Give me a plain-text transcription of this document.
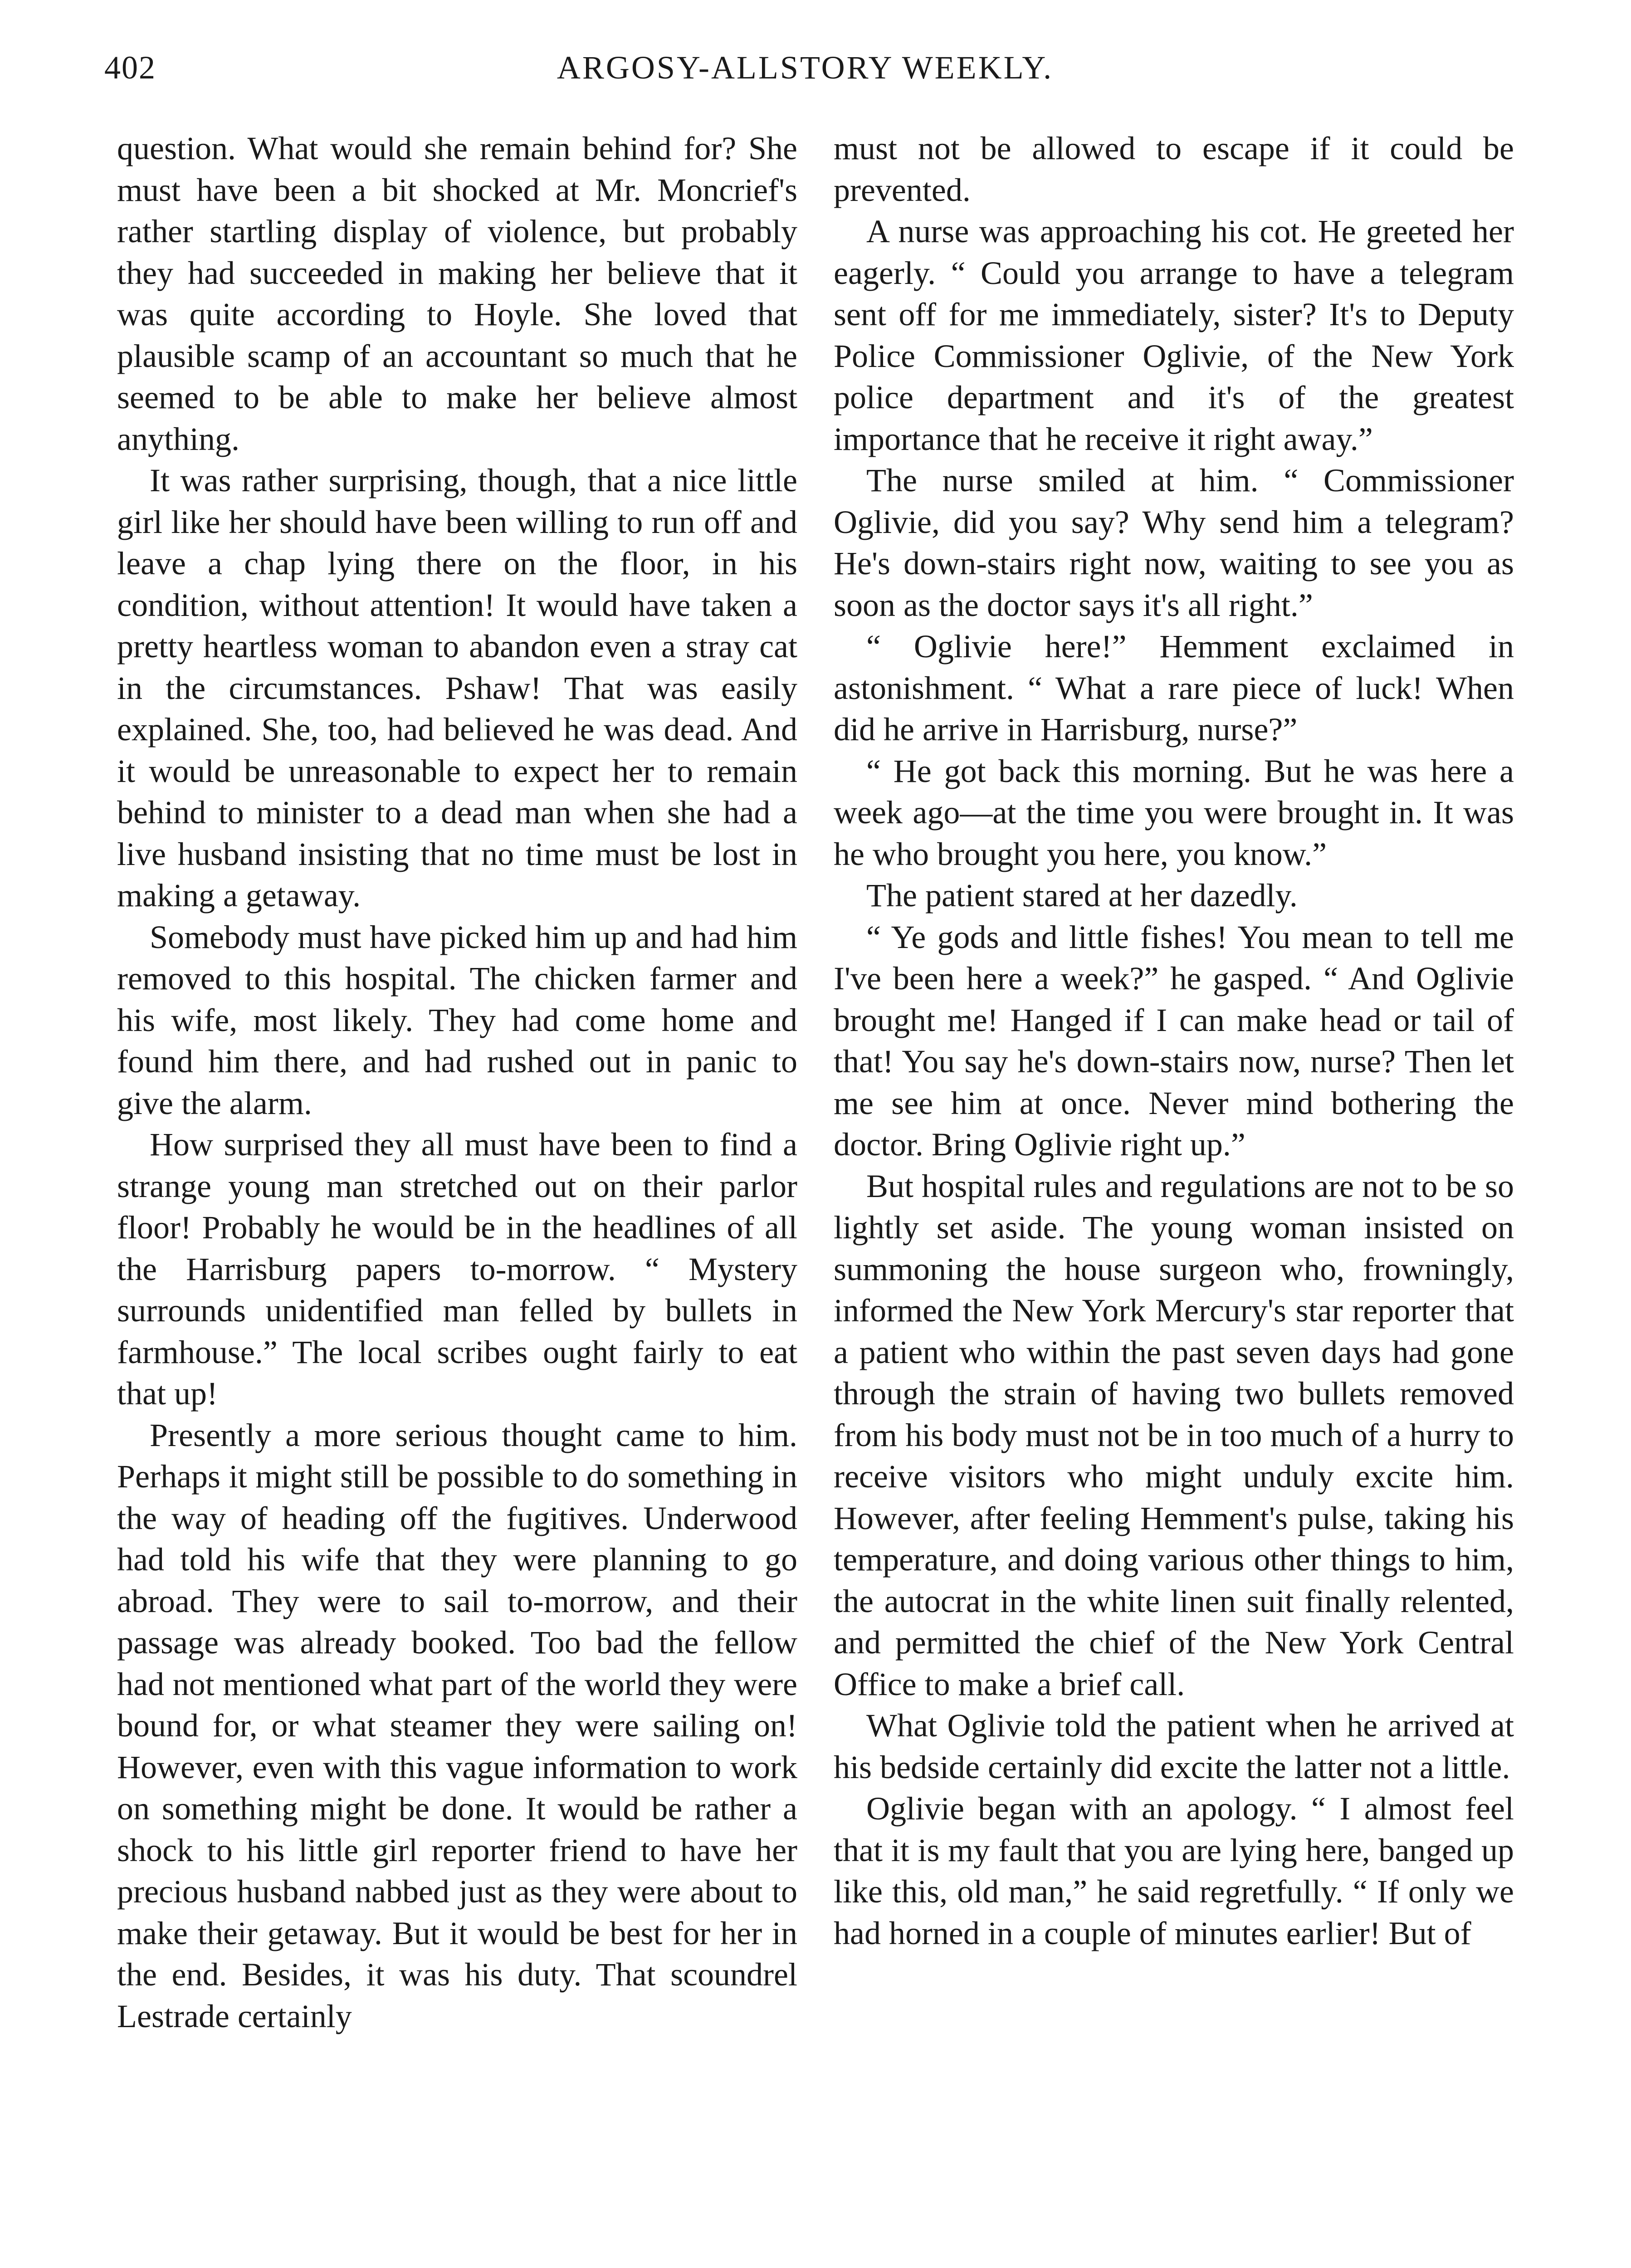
402	ARGOSY-ALLSTORY WEEKLY.

question. What would she remain behind for? She must have been a bit shocked at Mr. Moncrief's rather startling display of violence, but probably they had succeeded in making her believe that it was quite according to Hoyle. She loved that plausible scamp of an accountant so much that he seemed to be able to make her believe almost anything.

It was rather surprising, though, that a nice little girl like her should have been willing to run off and leave a chap lying there on the floor, in his condition, without attention! It would have taken a pretty heartless woman to abandon even a stray cat in the circumstances. Pshaw! That was easily explained. She, too, had believed he was dead. And it would be unreasonable to expect her to remain behind to minister to a dead man when she had a live husband insisting that no time must be lost in making a getaway.

Somebody must have picked him up and had him removed to this hospital. The chicken farmer and his wife, most likely. They had come home and found him there, and had rushed out in panic to give the alarm.

How surprised they all must have been to find a strange young man stretched out on their parlor floor! Probably he would be in the headlines of all the Harrisburg papers to-morrow. “ Mystery surrounds unidentified man felled by bullets in farmhouse.” The local scribes ought fairly to eat that up!

Presently a more serious thought came to him. Perhaps it might still be possible to do something in the way of heading off the fugitives. Underwood had told his wife that they were planning to go abroad. They were to sail to-morrow, and their passage was already booked. Too bad the fellow had not mentioned what part of the world they were bound for, or what steamer they were sailing on! However, even with this vague information to work on something might be done. It would be rather a shock to his little girl reporter friend to have her precious husband nabbed just as they were about to make their getaway. But it would be best for her in the end. Besides, it was his duty. That scoundrel Lestrade certainly

must not be allowed to escape if it could be prevented.

A nurse was approaching his cot. He greeted her eagerly. “ Could you arrange to have a telegram sent off for me immediately, sister? It's to Deputy Police Commissioner Oglivie, of the New York police department and it's of the greatest importance that he receive it right away.”

The nurse smiled at him. “ Commissioner Oglivie, did you say? Why send him a telegram? He's down-stairs right now, waiting to see you as soon as the doctor says it's all right.”

“ Oglivie here!” Hemment exclaimed in astonishment. “ What a rare piece of luck! When did he arrive in Harrisburg, nurse?”

“ He got back this morning. But he was here a week ago—at the time you were brought in. It was he who brought you here, you know.”

The patient stared at her dazedly.

“ Ye gods and little fishes! You mean to tell me I've been here a week?” he gasped. “ And Oglivie brought me! Hanged if I can make head or tail of that! You say he's down-stairs now, nurse? Then let me see him at once. Never mind bothering the doctor. Bring Oglivie right up.”

But hospital rules and regulations are not to be so lightly set aside. The young woman insisted on summoning the house surgeon who, frowningly, informed the New York Mercury's star reporter that a patient who within the past seven days had gone through the strain of having two bullets removed from his body must not be in too much of a hurry to receive visitors who might unduly excite him. However, after feeling Hemment's pulse, taking his temperature, and doing various other things to him, the autocrat in the white linen suit finally relented, and permitted the chief of the New York Central Office to make a brief call.

What Oglivie told the patient when he arrived at his bedside certainly did excite the latter not a little.

Oglivie began with an apology. “ I almost feel that it is my fault that you are lying here, banged up like this, old man,” he said regretfully. “ If only we had horned in a couple of minutes earlier! But of
